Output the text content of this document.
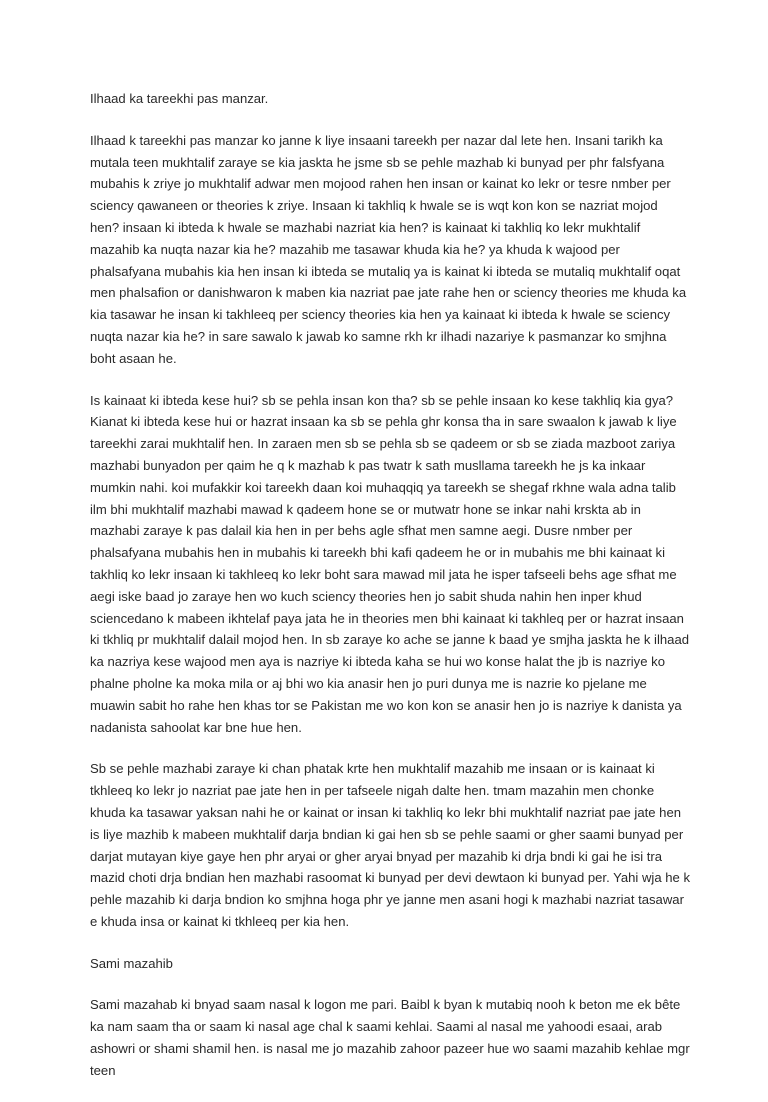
Ilhaad ka tareekhi pas manzar.

Ilhaad k tareekhi pas manzar ko janne k liye insaani tareekh per nazar dal lete hen. Insani tarikh ka mutala teen mukhtalif zaraye se kia jaskta he jsme sb se pehle mazhab ki bunyad per phr falsfyana mubahis k zriye jo mukhtalif adwar men mojood rahen hen insan or kainat ko lekr or tesre nmber per sciency qawaneen or theories k zriye. Insaan ki takhliq k hwale se is wqt kon kon se nazriat mojod hen? insaan ki ibteda k hwale se mazhabi nazriat kia hen? is kainaat ki takhliq ko lekr mukhtalif mazahib ka nuqta nazar kia he? mazahib me tasawar khuda kia he? ya khuda k wajood per phalsafyana mubahis kia hen insan ki ibteda se mutaliq ya is kainat ki ibteda se mutaliq mukhtalif oqat men phalsafion or danishwaron k maben kia nazriat pae jate rahe hen or sciency theories me khuda ka kia tasawar he insan ki takhleeq per sciency theories kia hen ya kainaat ki ibteda k hwale se sciency nuqta nazar kia he? in sare sawalo k jawab ko samne rkh kr ilhadi nazariye k pasmanzar ko smjhna boht asaan he.

Is kainaat ki ibteda kese hui? sb se pehla insan kon tha? sb se pehle insaan ko kese takhliq kia gya? Kianat ki ibteda kese hui or hazrat insaan ka sb se pehla ghr konsa tha in sare swaalon k jawab k liye tareekhi zarai mukhtalif hen. In zaraen men sb se pehla sb se qadeem or sb se ziada mazboot zariya mazhabi bunyadon per qaim he q k mazhab k pas twatr k sath musllama tareekh he js ka inkaar mumkin nahi. koi mufakkir koi tareekh daan koi muhaqqiq ya tareekh se shegaf rkhne wala adna talib ilm bhi mukhtalif mazhabi mawad k qadeem hone se or mutwatr hone se inkar nahi krskta ab in mazhabi zaraye k pas dalail kia hen in per behs agle sfhat men samne aegi. Dusre nmber per phalsafyana mubahis hen in mubahis ki tareekh bhi kafi qadeem he or in mubahis me bhi kainaat ki takhliq ko lekr insaan ki takhleeq ko lekr boht sara mawad mil jata he isper tafseeli behs age sfhat me aegi iske baad jo zaraye hen wo kuch sciency theories hen jo sabit shuda nahin hen inper khud sciencedano k mabeen ikhtelaf paya jata he in theories men bhi kainaat ki takhleq per or hazrat insaan ki tkhliq pr mukhtalif dalail mojod hen. In sb zaraye ko ache se janne k baad ye smjha jaskta he k ilhaad ka nazriya kese wajood men aya is nazriye ki ibteda kaha se hui wo konse halat the jb is nazriye ko phalne pholne ka moka mila or aj bhi wo kia anasir hen jo puri dunya me is nazrie ko pjelane me muawin sabit ho rahe hen khas tor se Pakistan me wo kon kon se anasir hen jo is nazriye k danista ya nadanista sahoolat kar bne hue hen.

Sb se pehle mazhabi zaraye ki chan phatak krte hen mukhtalif mazahib me insaan or is kainaat ki tkhleeq ko lekr jo nazriat pae jate hen in per tafseele nigah dalte hen. tmam mazahin men chonke khuda ka tasawar yaksan nahi he or kainat or insan ki takhliq ko lekr bhi mukhtalif nazriat pae jate hen is liye mazhib k mabeen mukhtalif darja bndian ki gai hen sb se pehle saami or gher saami bunyad per darjat mutayan kiye gaye hen phr aryai or gher aryai bnyad per mazahib ki drja bndi ki gai he isi tra mazid choti drja bndian hen mazhabi rasoomat ki bunyad per devi dewtaon ki bunyad per. Yahi wja he k pehle mazahib ki darja bndion ko smjhna hoga phr ye janne men asani hogi k mazhabi nazriat tasawar e khuda insa or kainat ki tkhleeq per kia hen.

Sami mazahib

Sami mazahab ki bnyad saam nasal k logon me pari. Baibl k byan k mutabiq nooh k beton me ek bête ka nam saam tha or saam ki nasal age chal k saami kehlai. Saami al nasal me yahoodi esaai, arab ashowri or shami shamil hen. is nasal me jo mazahib zahoor pazeer hue wo saami mazahib kehlae mgr teen
